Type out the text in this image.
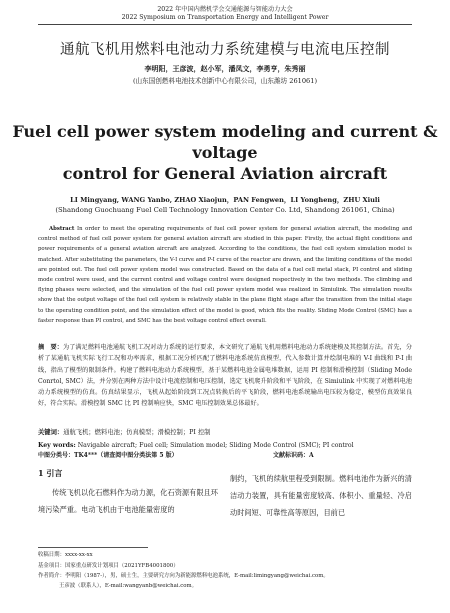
2022 年中国内燃机学会交通能源与智能动力大会
2022 Symposium on Transportation Energy and Intelligent Power
通航飞机用燃料电池动力系统建模与电流电压控制
李明阳，王彦波，赵小军，潘凤文，李勇亨，朱秀丽
(山东国创燃料电池技术创新中心有限公司，山东潍坊 261061)
Fuel cell power system modeling and current & voltage
control for General Aviation aircraft
LI Mingyang, WANG Yanbo, ZHAO Xiaojun，PAN Fengwen，LI Yongheng，ZHU Xiuli
(Shandong Guochuang Fuel Cell Technology Innovation Center Co. Ltd, Shandong 261061, China)
Abstract In order to meet the operating requirements of fuel cell power system for general aviation aircraft, the modeling and control method of fuel cell power system for general aviation aircraft are studied in this paper. Firstly, the actual flight conditions and power requirements of a general aviation aircraft are analyzed. According to the conditions, the fuel cell system simulation model is matched. After substituting the parameters, the V-I curve and P-I curve of the reactor are drawn, and the limiting conditions of the model are pointed out. The fuel cell power system model was constructed. Based on the data of a fuel cell metal stack, PI control and sliding mode control were used, and the current control and voltage control were designed respectively in the two methods. The climbing and flying phases were selected, and the simulation of the fuel cell power system model was realized in Simiulink. The simulation results show that the output voltage of the fuel cell system is relatively stable in the plane flight stage after the transition from the initial stage to the operating condition point, and the simulation effect of the model is good, which fits the reality. Sliding Mode Control (SMC) has a faster response than PI control, and SMC has the best voltage control effect overall.
摘　要：为了满足燃料电池通航飞机工况对动力系统的运行要求，本文研究了通航飞机用燃料电池动力系统建模及其控制方法。首先，分析了某通航飞机实际飞行工况和功率需求，根据工况分析匹配了燃料电池系统仿真模型，代入参数计算并绘制电堆的 V-I 曲线和 P-I 曲线，指出了模型的限制条件。构建了燃料电池动力系统模型，基于某燃料电池金属电堆数据，运用 PI 控制和滑模控制（Sliding Mode Conrtol, SMC）法，并分别在两种方法中设计电流控制和电压控制，选定飞机爬升阶段和平飞阶段，在 Simiulink 中实现了对燃料电池动力系统模型的仿真。仿真结果显示，飞机从起始阶段到工况点转换后的平飞阶段，燃料电池系统输出电压较为稳定，模型仿真效果良好，符合实际。滑模控制 SMC 比 PI 控制响应快，SMC 电压控制效果总体最好。
关键词：通航飞机；燃料电池；仿真模型；滑模控制；PI 控制
Key words: Navigable aircraft; Fuel cell; Simulation model; Sliding Mode Control (SMC); PI control
中图分类号：TK4***（请查阅中图分类法第 5 版）	文献标识码：A
1 引言
传统飞机以化石燃料作为动力源，化石资源有限且环境污染严重。电动飞机由于电池能量密度的
制约，飞机的续航里程受到限制。燃料电池作为新兴的清洁动力装置，具有能量密度较高、体积小、重量轻、冷启动时间短、可靠性高等原因，目前已
收稿日期：xxxx-xx-xx
基金项目：国家重点研发计划项目（2021YFB4001800）
作者简介：李明阳（1987-），男，硕士生，主要研究方向为新能源燃料电池系统，E-mail:limingyang@weichai.com。
王彦波（联系人），E-mail:wangyanb@weichai.com。
